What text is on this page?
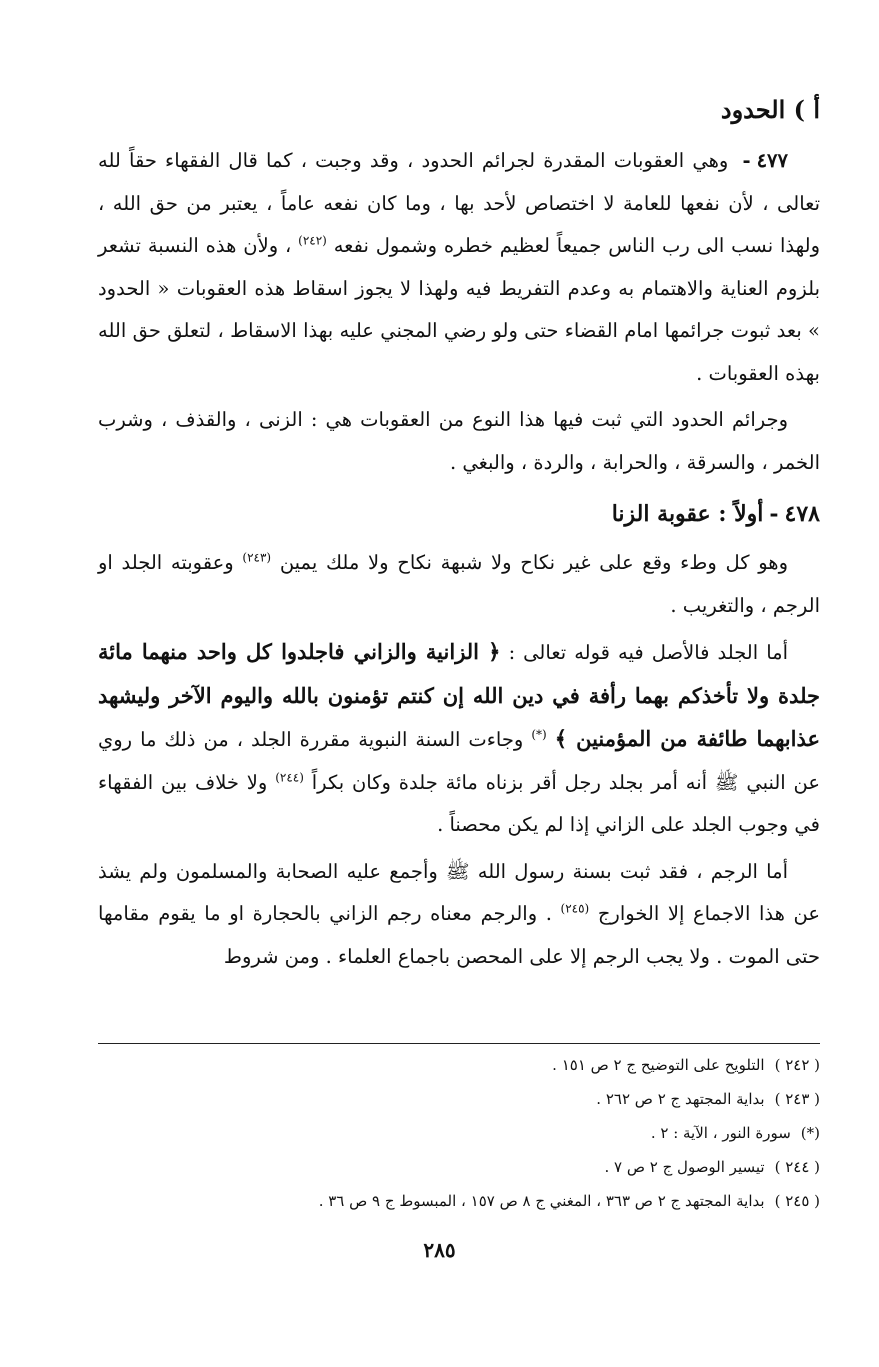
أ ) الحدود

٤٧٧- وهي العقوبات المقدرة لجرائم الحدود ، وقد وجبت ، كما قال الفقهاء حقاً لله تعالى ، لأن نفعها للعامة لا اختصاص لأحد بها ، وما كان نفعه عاماً ، يعتبر من حق الله ، ولهذا نسب الى رب الناس جميعاً لعظيم خطره وشمول نفعه $^{(٢٤٢)}$ ، ولأن هذه النسبة تشعر بلزوم العناية والاهتمام به وعدم التفريط فيه ولهذا لا يجوز اسقاط هذه العقوبات « الحدود » بعد ثبوت جرائمها امام القضاء حتى ولو رضي المجني عليه بهذا الاسقاط ، لتعلق حق الله بهذه العقوبات .

وجرائم الحدود التي ثبت فيها هذا النوع من العقوبات هي : الزنى ، والقذف ، وشرب الخمر ، والسرقة ، والحرابة ، والردة ، والبغي .

٤٧٨-أولاً : عقوبة الزنا

وهو كل وطء وقع على غير نكاح ولا شبهة نكاح ولا ملك يمين $^{(٢٤٣)}$ وعقوبته الجلد او الرجم ، والتغريب .

أما الجلد فالأصل فيه قوله تعالى : ﴿ الزانية والزاني فاجلدوا كل واحد منهما مائة جلدة ولا تأخذكم بهما رأفة في دين الله إن كنتم تؤمنون بالله واليوم الآخر وليشهد عذابهما طائفة من المؤمنين ﴾ (*) وجاءت السنة النبوية مقررة الجلد ، من ذلك ما روي عن النبي ﷺ أنه أمر بجلد رجل أقر بزناه مائة جلدة وكان بكراً $^{(٢٤٤)}$ ولا خلاف بين الفقهاء في وجوب الجلد على الزاني إذا لم يكن محصناً .

أما الرجم ، فقد ثبت بسنة رسول الله ﷺ وأجمع عليه الصحابة والمسلمون ولم يشذ عن هذا الاجماع إلا الخوارج $^{(٢٤٥)}$ . والرجم معناه رجم الزاني بالحجارة او ما يقوم مقامها حتى الموت . ولا يجب الرجم إلا على المحصن باجماع العلماء . ومن شروط

( ٢٤٢ )
التلويح على التوضيح ج ٢ ص ١٥١ .
( ٢٤٣ )
بداية المجتهد ج ٢ ص ٢٦٢ .
(*)
سورة النور ، الآية : ٢ .
( ٢٤٤ )
تيسير الوصول ج ٢ ص ٧ .
( ٢٤٥ )
بداية المجتهد ج ٢ ص ٣٦٣ ، المغني ج ٨ ص ١٥٧ ، المبسوط ج ٩ ص ٣٦ .
٢٨٥
